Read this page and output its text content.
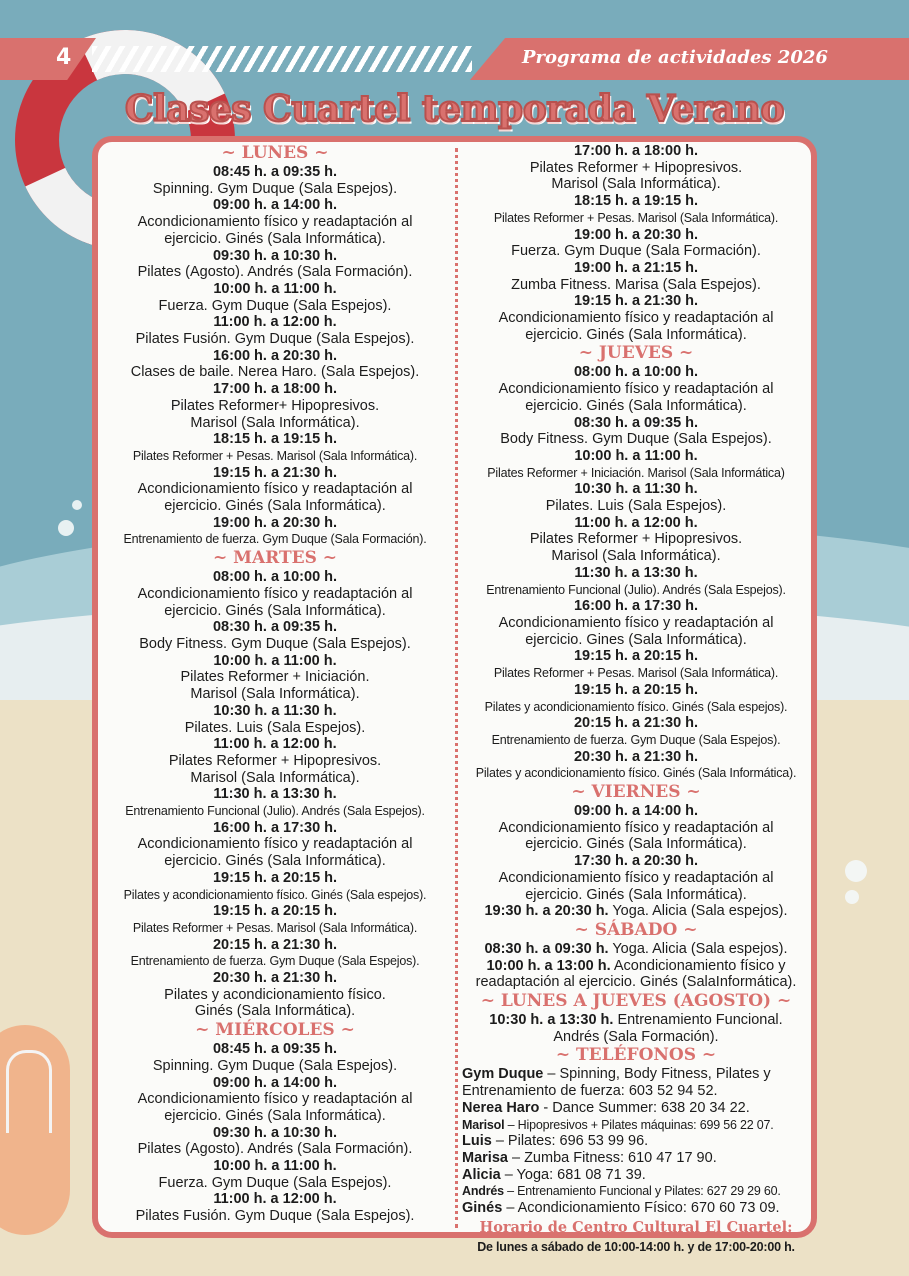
4	Programa de actividades 2026
Clases Cuartel temporada Verano
~ LUNES ~
08:45 h. a 09:35 h.
Spinning. Gym Duque (Sala Espejos).
09:00 h. a 14:00 h.
Acondicionamiento físico y readaptación al
ejercicio. Ginés (Sala Informática).
09:30 h. a 10:30 h.
Pilates (Agosto). Andrés (Sala Formación).
10:00 h. a 11:00 h.
Fuerza. Gym Duque (Sala Espejos).
11:00 h. a 12:00 h.
Pilates Fusión. Gym Duque (Sala Espejos).
16:00 h. a 20:30 h.
Clases de baile. Nerea Haro. (Sala Espejos).
17:00 h. a 18:00 h.
Pilates Reformer+ Hipopresivos.
Marisol (Sala Informática).
18:15 h. a 19:15 h.
Pilates Reformer + Pesas. Marisol (Sala Informática).
19:15 h. a 21:30 h.
Acondicionamiento físico y readaptación al
ejercicio. Ginés (Sala Informática).
19:00 h. a 20:30 h.
Entrenamiento de fuerza. Gym Duque (Sala Formación).
~ MARTES ~
08:00 h. a 10:00 h.
Acondicionamiento físico y readaptación al
ejercicio. Ginés (Sala Informática).
08:30 h. a 09:35 h.
Body Fitness. Gym Duque (Sala Espejos).
10:00 h. a 11:00 h.
Pilates Reformer + Iniciación.
Marisol (Sala Informática).
10:30 h. a 11:30 h.
Pilates. Luis (Sala Espejos).
11:00 h. a 12:00 h.
Pilates Reformer + Hipopresivos.
Marisol (Sala Informática).
11:30 h. a 13:30 h.
Entrenamiento Funcional (Julio). Andrés (Sala Espejos).
16:00 h. a 17:30 h.
Acondicionamiento físico y readaptación al
ejercicio. Ginés (Sala Informática).
19:15 h. a 20:15 h.
Pilates y acondicionamiento físico. Ginés (Sala espejos).
19:15 h. a 20:15 h.
Pilates Reformer + Pesas. Marisol (Sala Informática).
20:15 h. a 21:30 h.
Entrenamiento de fuerza. Gym Duque (Sala Espejos).
20:30 h. a 21:30 h.
Pilates y acondicionamiento físico.
Ginés (Sala Informática).
~ MIÉRCOLES ~
08:45 h. a 09:35 h.
Spinning. Gym Duque (Sala Espejos).
09:00 h. a 14:00 h.
Acondicionamiento físico y readaptación al
ejercicio. Ginés (Sala Informática).
09:30 h. a 10:30 h.
Pilates (Agosto). Andrés (Sala Formación).
10:00 h. a 11:00 h.
Fuerza. Gym Duque (Sala Espejos).
11:00 h. a 12:00 h.
Pilates Fusión. Gym Duque (Sala Espejos).
17:00 h. a 18:00 h.
Pilates Reformer + Hipopresivos.
Marisol (Sala Informática).
18:15 h. a 19:15 h.
Pilates Reformer + Pesas. Marisol (Sala Informática).
19:00 h. a 20:30 h.
Fuerza. Gym Duque (Sala Formación).
19:00 h. a 21:15 h.
Zumba Fitness. Marisa (Sala Espejos).
19:15 h. a 21:30 h.
Acondicionamiento físico y readaptación al
ejercicio. Ginés (Sala Informática).
~ JUEVES ~
08:00 h. a 10:00 h.
Acondicionamiento físico y readaptación al
ejercicio. Ginés (Sala Informática).
08:30 h. a 09:35 h.
Body Fitness. Gym Duque (Sala Espejos).
10:00 h. a 11:00 h.
Pilates Reformer + Iniciación. Marisol (Sala Informática)
10:30 h. a 11:30 h.
Pilates. Luis (Sala Espejos).
11:00 h. a 12:00 h.
Pilates Reformer + Hipopresivos.
Marisol (Sala Informática).
11:30 h. a 13:30 h.
Entrenamiento Funcional (Julio). Andrés (Sala Espejos).
16:00 h. a 17:30 h.
Acondicionamiento físico y readaptación al
ejercicio. Gines (Sala Informática).
19:15 h. a 20:15 h.
Pilates Reformer + Pesas. Marisol (Sala Informática).
19:15 h. a 20:15 h.
Pilates y acondicionamiento físico. Ginés (Sala espejos).
20:15 h. a 21:30 h.
Entrenamiento de fuerza. Gym Duque (Sala Espejos).
20:30 h. a 21:30 h.
Pilates y acondicionamiento físico. Ginés (Sala Informática).
~ VIERNES ~
09:00 h. a 14:00 h.
Acondicionamiento físico y readaptación al
ejercicio. Ginés (Sala Informática).
17:30 h. a 20:30 h.
Acondicionamiento físico y readaptación al
ejercicio. Ginés (Sala Informática).
19:30 h. a 20:30 h. Yoga. Alicia (Sala espejos).
~ SÁBADO ~
08:30 h. a 09:30 h. Yoga. Alicia (Sala espejos).
10:00 h. a 13:00 h. Acondicionamiento físico y
readaptación al ejercicio. Ginés (SalaInformática).
~ LUNES A JUEVES (AGOSTO) ~
10:30 h. a 13:30 h. Entrenamiento Funcional.
Andrés (Sala Formación).
~ TELÉFONOS ~
Gym Duque – Spinning, Body Fitness, Pilates y
Entrenamiento de fuerza: 603 52 94 52.
Nerea Haro - Dance Summer: 638 20 34 22.
Marisol – Hipopresivos + Pilates máquinas: 699 56 22 07.
Luis – Pilates: 696 53 99 96.
Marisa – Zumba Fitness: 610 47 17 90.
Alicia – Yoga: 681 08 71 39.
Andrés – Entrenamiento Funcional y Pilates: 627 29 29 60.
Ginés – Acondicionamiento Físico: 670 60 73 09.
Horario de Centro Cultural El Cuartel:
De lunes a sábado de 10:00-14:00 h. y de 17:00-20:00 h.
